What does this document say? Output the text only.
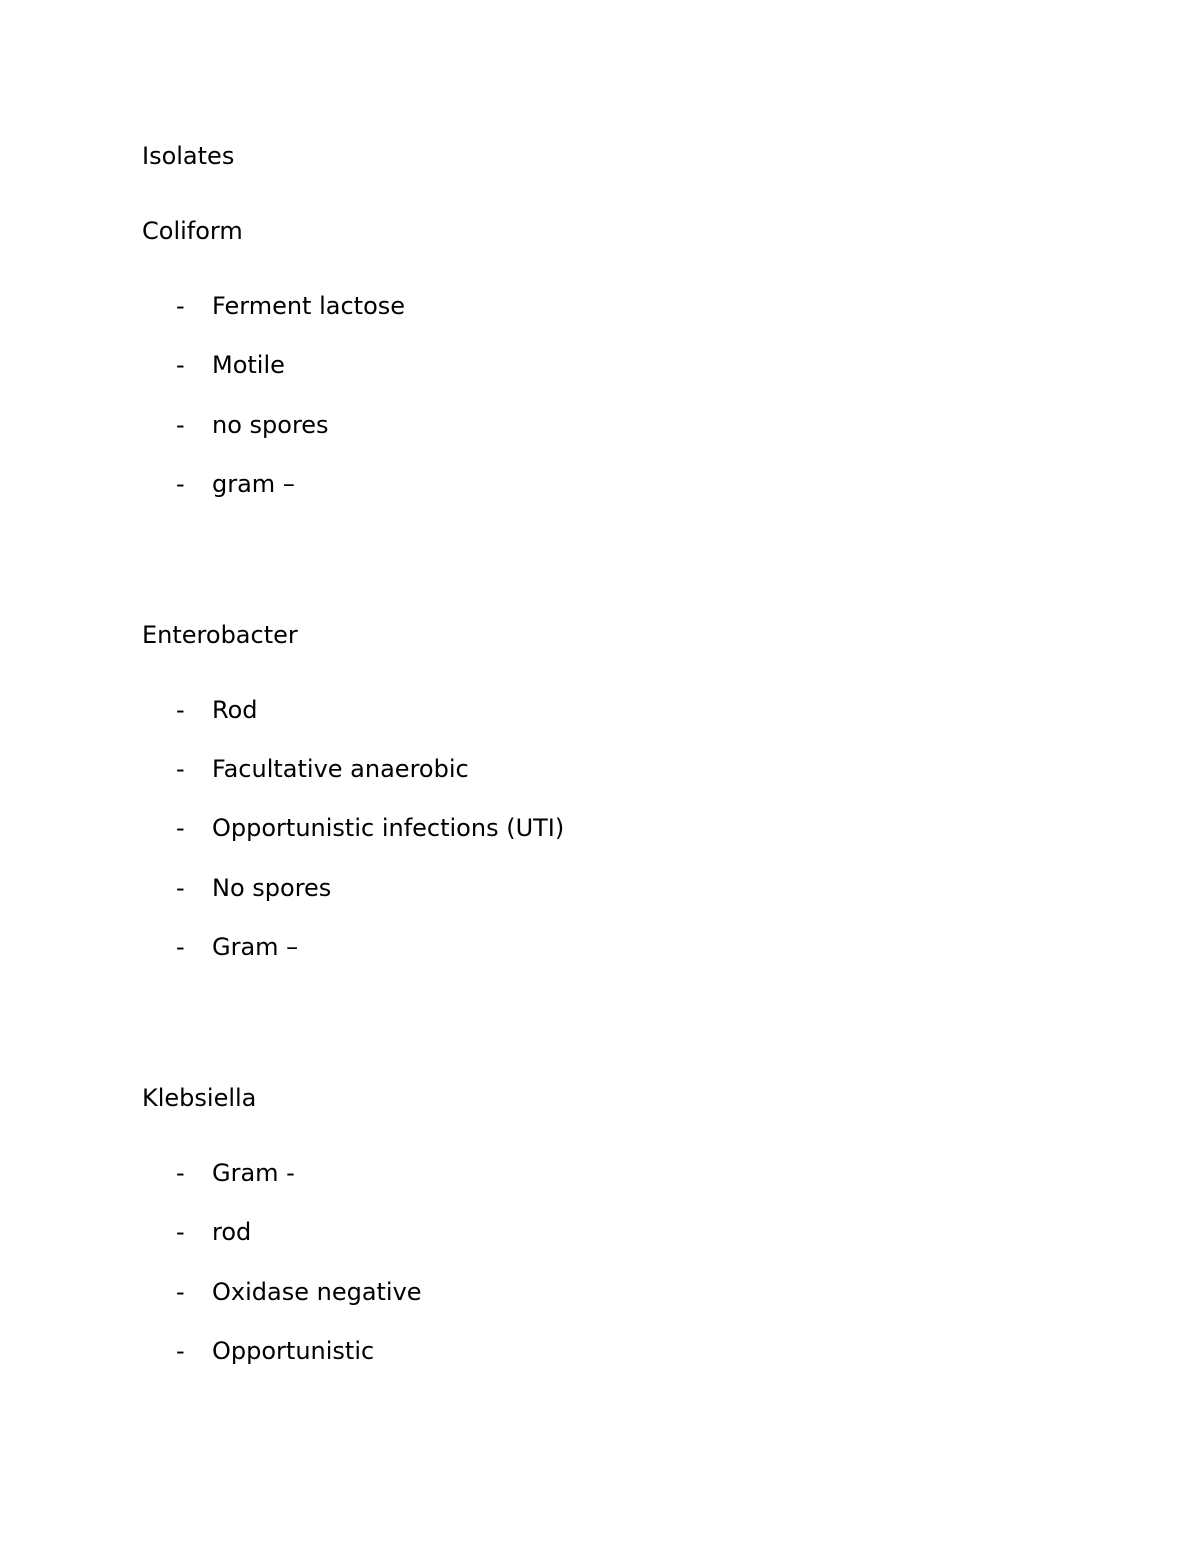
Isolates
Coliform
- Ferment lactose
- Motile
- no spores
- gram –
Enterobacter
- Rod
- Facultative anaerobic
- Opportunistic infections (UTI)
- No spores
- Gram –
Klebsiella
- Gram -
- rod
- Oxidase negative
- Opportunistic
